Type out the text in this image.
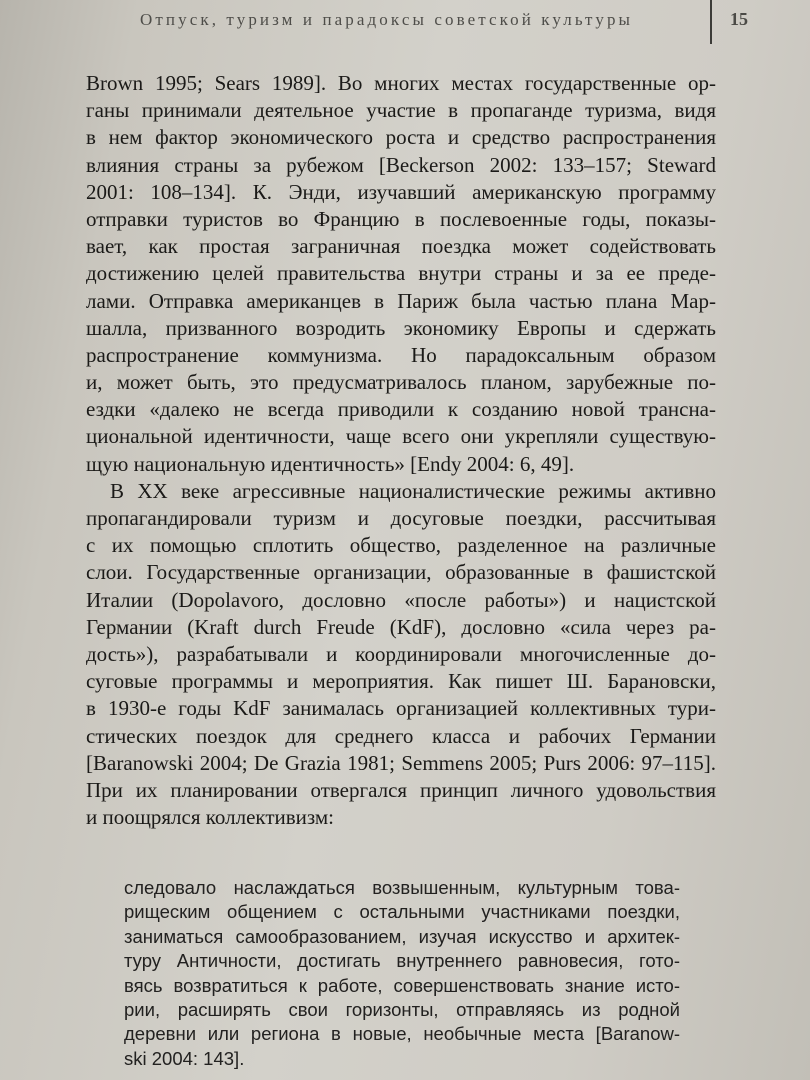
Отпуск, туризм и парадоксы советской культуры	15
Brown 1995; Sears 1989]. Во многих местах государственные ор-
ганы принимали деятельное участие в пропаганде туризма, видя
в нем фактор экономического роста и средство распространения
влияния страны за рубежом [Beckerson 2002: 133–157; Steward
2001: 108–134]. К. Энди, изучавший американскую программу
отправки туристов во Францию в послевоенные годы, показы-
вает, как простая заграничная поездка может содействовать
достижению целей правительства внутри страны и за ее преде-
лами. Отправка американцев в Париж была частью плана Мар-
шалла, призванного возродить экономику Европы и сдержать
распространение коммунизма. Но парадоксальным образом
и, может быть, это предусматривалось планом, зарубежные по-
ездки «далеко не всегда приводили к созданию новой трансна-
циональной идентичности, чаще всего они укрепляли существую-
щую национальную идентичность» [Endy 2004: 6, 49].
В XX веке агрессивные националистические режимы активно
пропагандировали туризм и досуговые поездки, рассчитывая
с их помощью сплотить общество, разделенное на различные
слои. Государственные организации, образованные в фашистской
Италии (Dopolavoro, дословно «после работы») и нацистской
Германии (Kraft durch Freude (KdF), дословно «сила через ра-
дость»), разрабатывали и координировали многочисленные до-
суговые программы и мероприятия. Как пишет Ш. Барановски,
в 1930-е годы KdF занималась организацией коллективных тури-
стических поездок для среднего класса и рабочих Германии
[Baranowski 2004; De Grazia 1981; Semmens 2005; Purs 2006: 97–115].
При их планировании отвергался принцип личного удовольствия
и поощрялся коллективизм:
следовало наслаждаться возвышенным, культурным това-
рищеским общением с остальными участниками поездки,
заниматься самообразованием, изучая искусство и архитек-
туру Античности, достигать внутреннего равновесия, гото-
вясь возвратиться к работе, совершенствовать знание исто-
рии, расширять свои горизонты, отправляясь из родной
деревни или региона в новые, необычные места [Baranow-
ski 2004: 143].
